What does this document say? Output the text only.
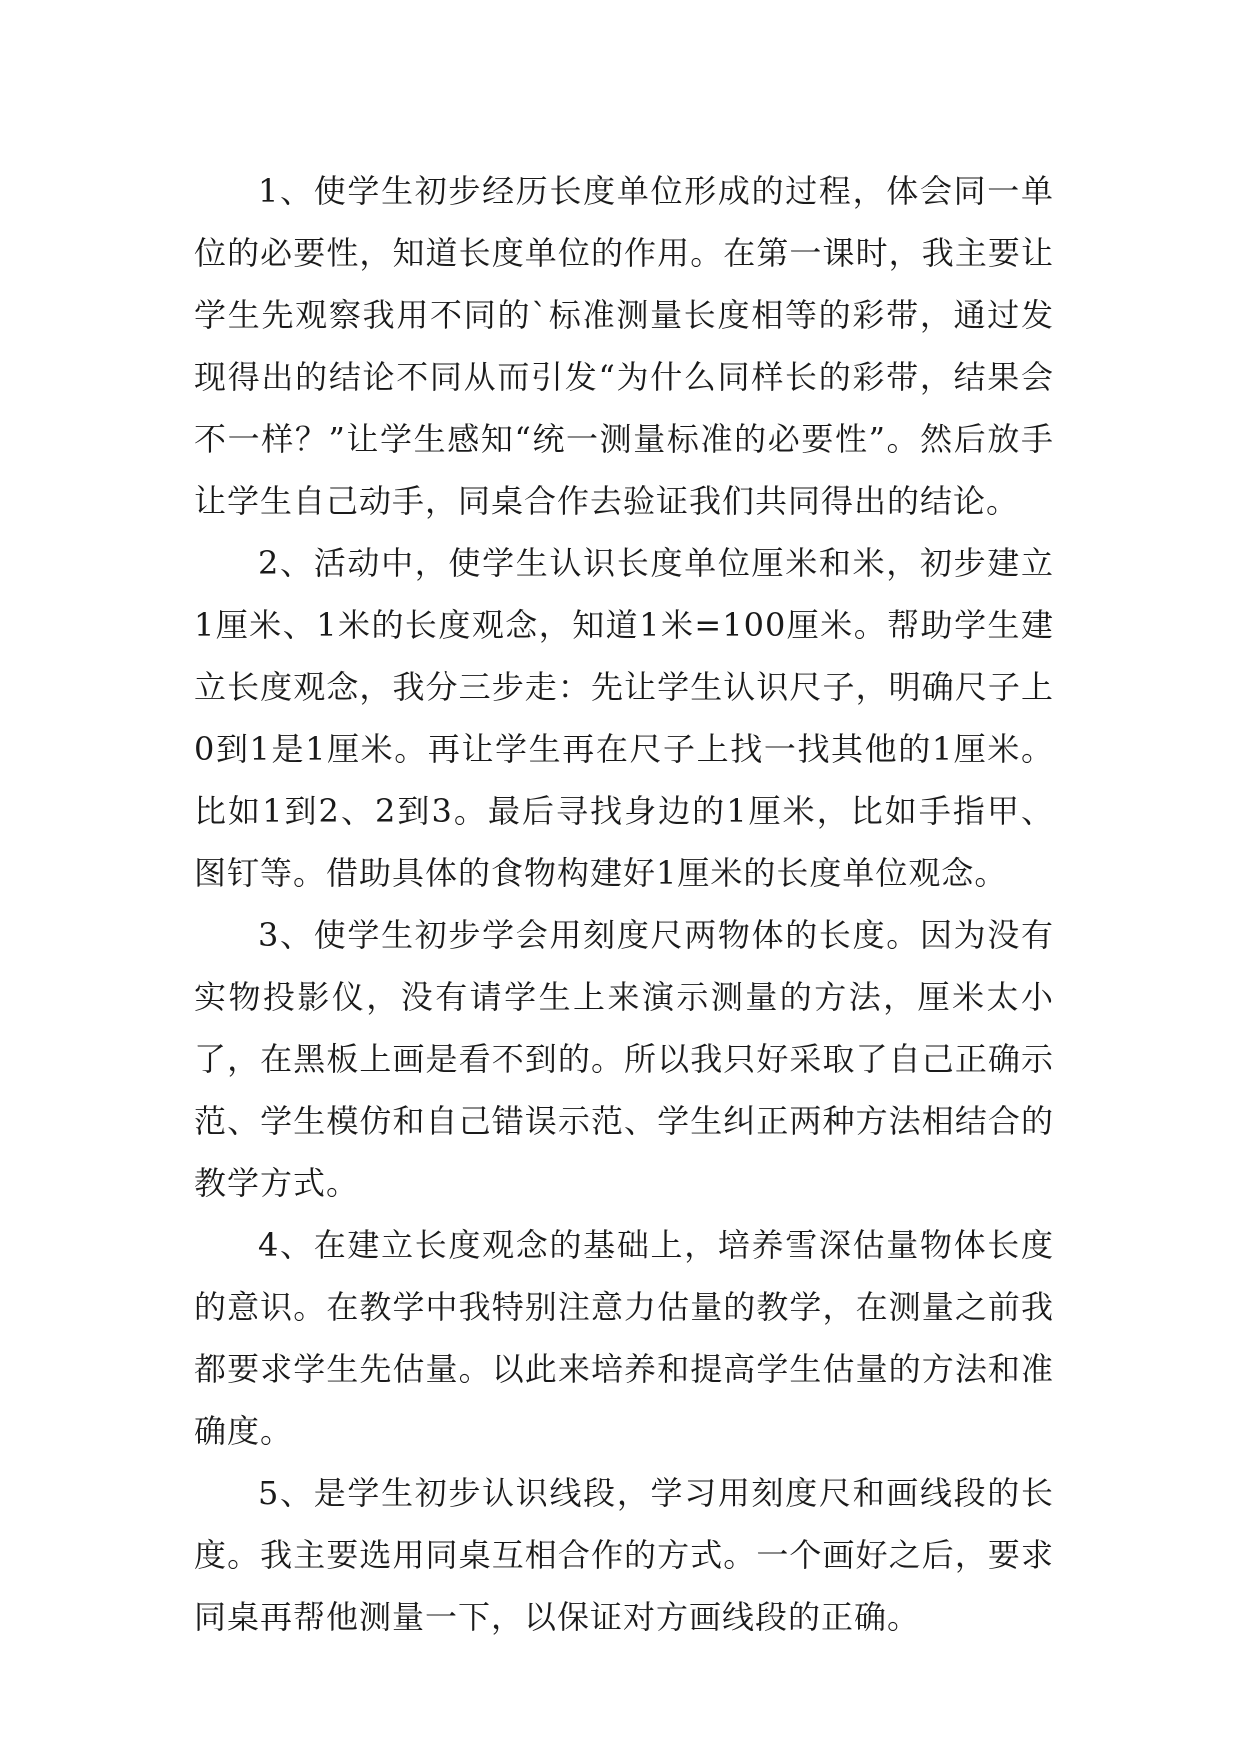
1、使学生初步经历长度单位形成的过程，体会同一单位的必要性，知道长度单位的作用。在第一课时，我主要让学生先观察我用不同的`标准测量长度相等的彩带，通过发现得出的结论不同从而引发“为什么同样长的彩带，结果会不一样？”让学生感知“统一测量标准的必要性”。然后放手让学生自己动手，同桌合作去验证我们共同得出的结论。

2、活动中，使学生认识长度单位厘米和米，初步建立1厘米、1米的长度观念，知道1米=100厘米。帮助学生建立长度观念，我分三步走：先让学生认识尺子，明确尺子上0到1是1厘米。再让学生再在尺子上找一找其他的1厘米。比如1到2、2到3。最后寻找身边的1厘米，比如手指甲、图钉等。借助具体的食物构建好1厘米的长度单位观念。

3、使学生初步学会用刻度尺两物体的长度。因为没有实物投影仪，没有请学生上来演示测量的方法，厘米太小了，在黑板上画是看不到的。所以我只好采取了自己正确示范、学生模仿和自己错误示范、学生纠正两种方法相结合的教学方式。

4、在建立长度观念的基础上，培养雪深估量物体长度的意识。在教学中我特别注意力估量的教学，在测量之前我都要求学生先估量。以此来培养和提高学生估量的方法和准确度。

5、是学生初步认识线段，学习用刻度尺和画线段的长度。我主要选用同桌互相合作的方式。一个画好之后，要求同桌再帮他测量一下，以保证对方画线段的正确。
